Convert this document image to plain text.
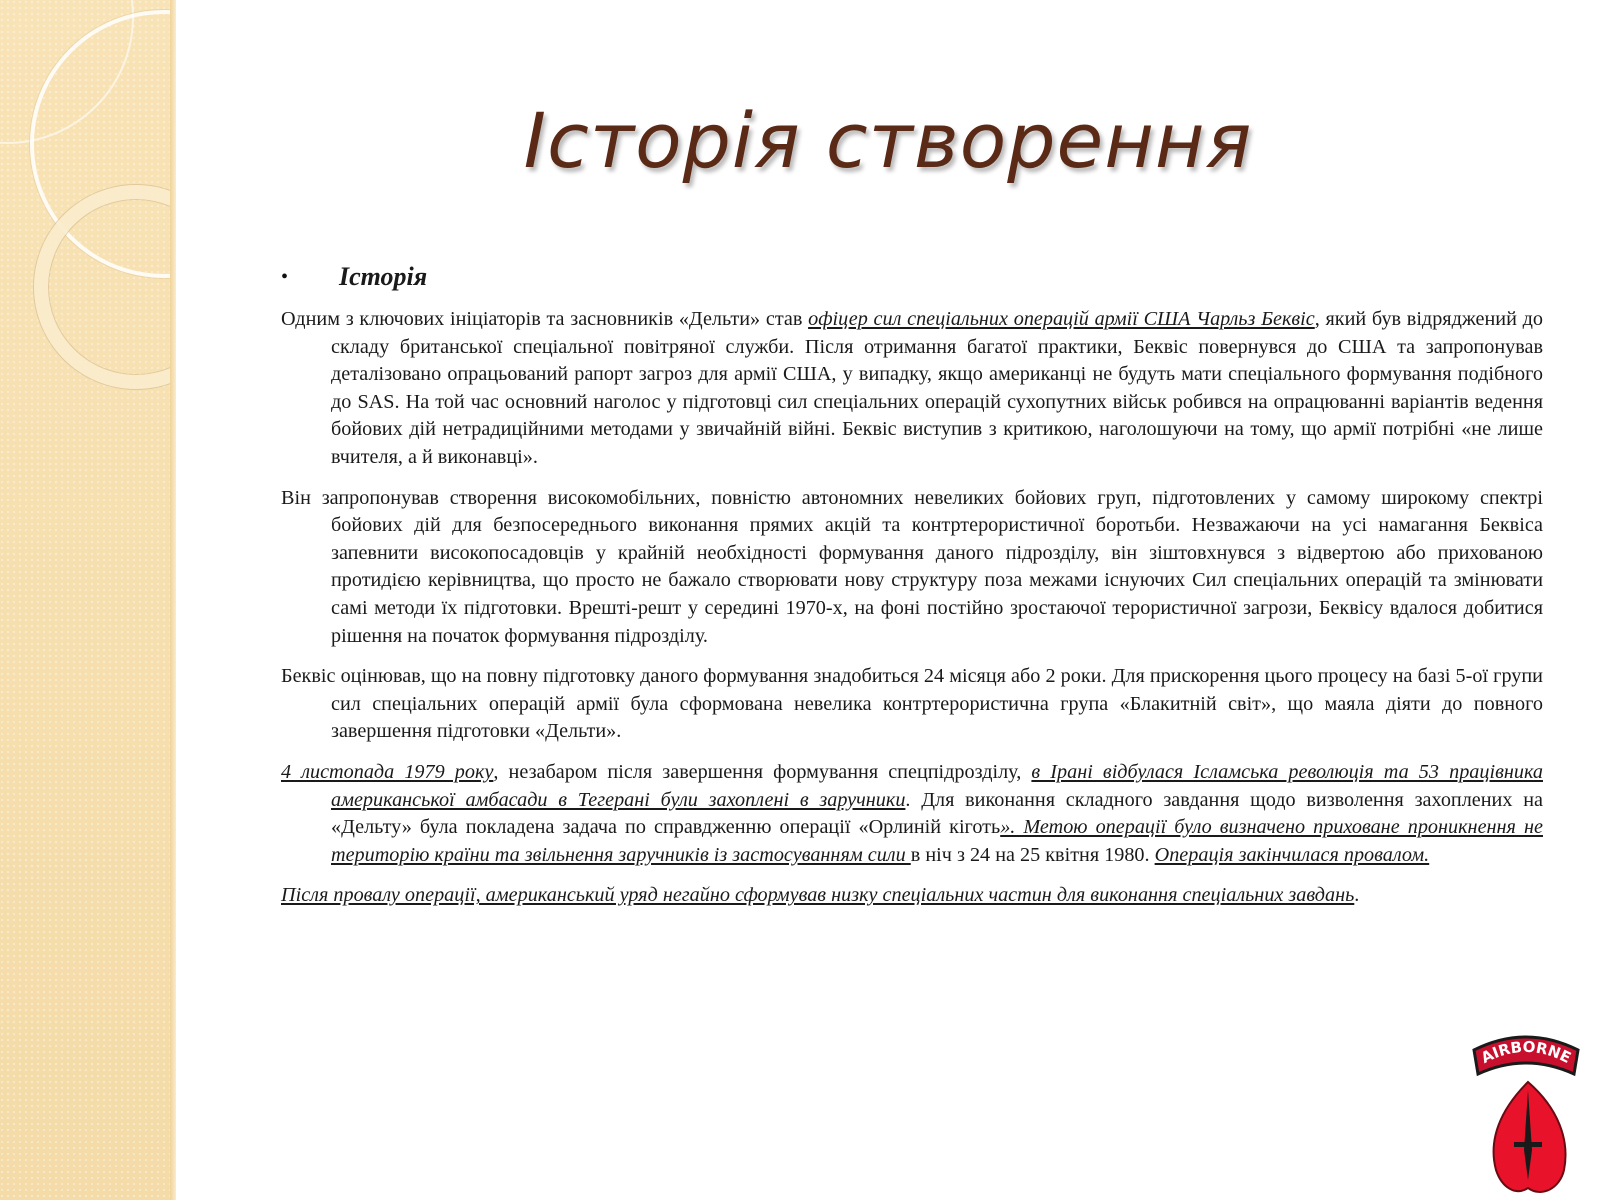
Історія створення
•	Історія

Одним з ключових ініціаторів та засновників «Дельти» став офіцер сил спеціальних операцій армії США Чарльз Беквіс, який був відряджений до складу британської спеціальної повітряної служби. Після отримання багатої практики, Беквіс повернувся до США та запропонував деталізовано опрацьований рапорт загроз для армії США, у випадку, якщо американці не будуть мати спеціального формування подібного до SAS. На той час основний наголос у підготовці сил спеціальних операцій сухопутних військ робився на опрацюванні варіантів ведення бойових дій нетрадиційними методами у звичайній війні. Беквіс виступив з критикою, наголошуючи на тому, що армії потрібні «не лише вчителя, а й виконавці».

Він запропонував створення високомобільних, повністю автономних невеликих бойових груп, підготовлених у самому широкому спектрі бойових дій для безпосереднього виконання прямих акцій та контртерористичної боротьби. Незважаючи на усі намагання Беквіса запевнити високопосадовців у крайній необхідності формування даного підрозділу, він зіштовхнувся з відвертою або прихованою протидією керівництва, що просто не бажало створювати нову структуру поза межами існуючих Сил спеціальних операцій та змінювати самі методи їх підготовки. Врешті-решт у середині 1970-х, на фоні постійно зростаючої терористичної загрози, Беквісу вдалося добитися рішення на початок формування підрозділу.

Беквіс оцінював, що на повну підготовку даного формування знадобиться 24 місяця або 2 роки. Для прискорення цього процесу на базі 5-ої групи сил спеціальних операцій армії була сформована невелика контртерористична група «Блакитній світ», що маяла діяти до повного завершення підготовки «Дельти».

4 листопада 1979 року, незабаром після завершення формування спецпідрозділу, в Ірані відбулася Ісламська революція та 53 працівника американської амбасади в Тегерані були захоплені в заручники. Для виконання складного завдання щодо визволення захоплених на «Дельту» була покладена задача по справдженню операції «Орлиній кіготь». Метою операції було визначено приховане проникнення не територію країни та звільнення заручників із застосуванням сили в ніч з 24 на 25 квітня 1980. Операція закінчилася провалом.

Після провалу операції, американський уряд негайно сформував низку спеціальних частин для виконання спеціальних завдань.

AIRBORNE
